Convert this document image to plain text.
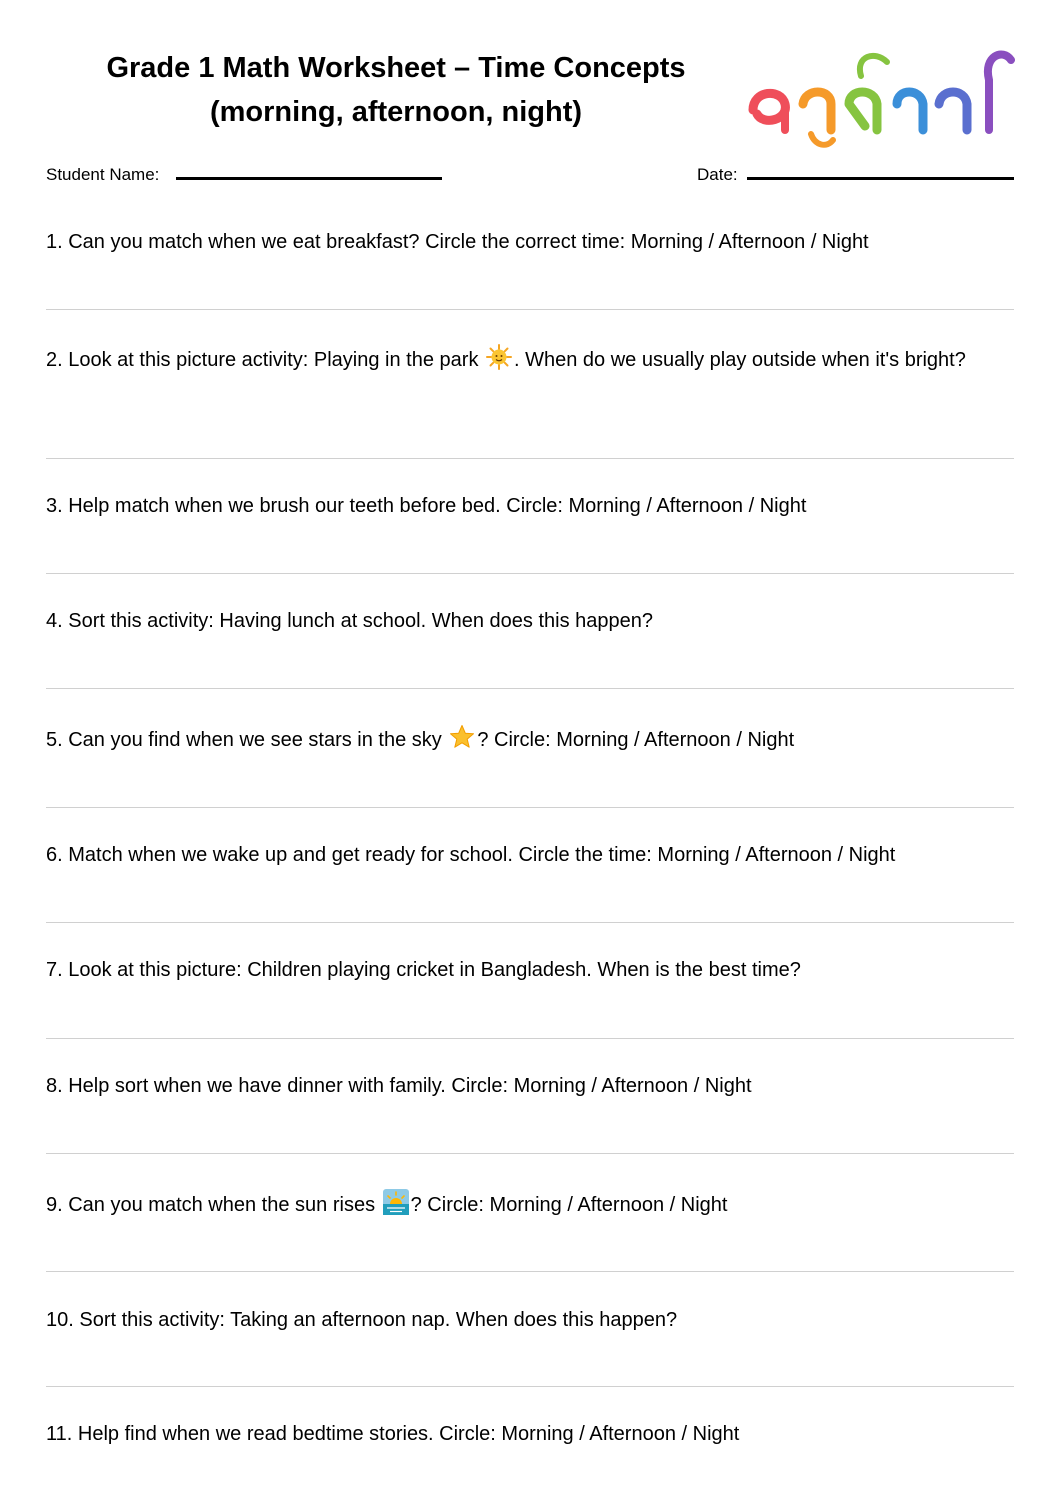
Grade 1 Math Worksheet – Time Concepts
(morning, afternoon, night)
Student Name:	Date:

1. Can you match when we eat breakfast? Circle the correct time: Morning / Afternoon / Night

2. Look at this picture activity: Playing in the park . When do we usually play outside when it's bright?

3. Help match when we brush our teeth before bed. Circle: Morning / Afternoon / Night

4. Sort this activity: Having lunch at school. When does this happen?

5. Can you find when we see stars in the sky ? Circle: Morning / Afternoon / Night

6. Match when we wake up and get ready for school. Circle the time: Morning / Afternoon / Night

7. Look at this picture: Children playing cricket in Bangladesh. When is the best time?

8. Help sort when we have dinner with family. Circle: Morning / Afternoon / Night

9. Can you match when the sun rises ? Circle: Morning / Afternoon / Night

10. Sort this activity: Taking an afternoon nap. When does this happen?

11. Help find when we read bedtime stories. Circle: Morning / Afternoon / Night
